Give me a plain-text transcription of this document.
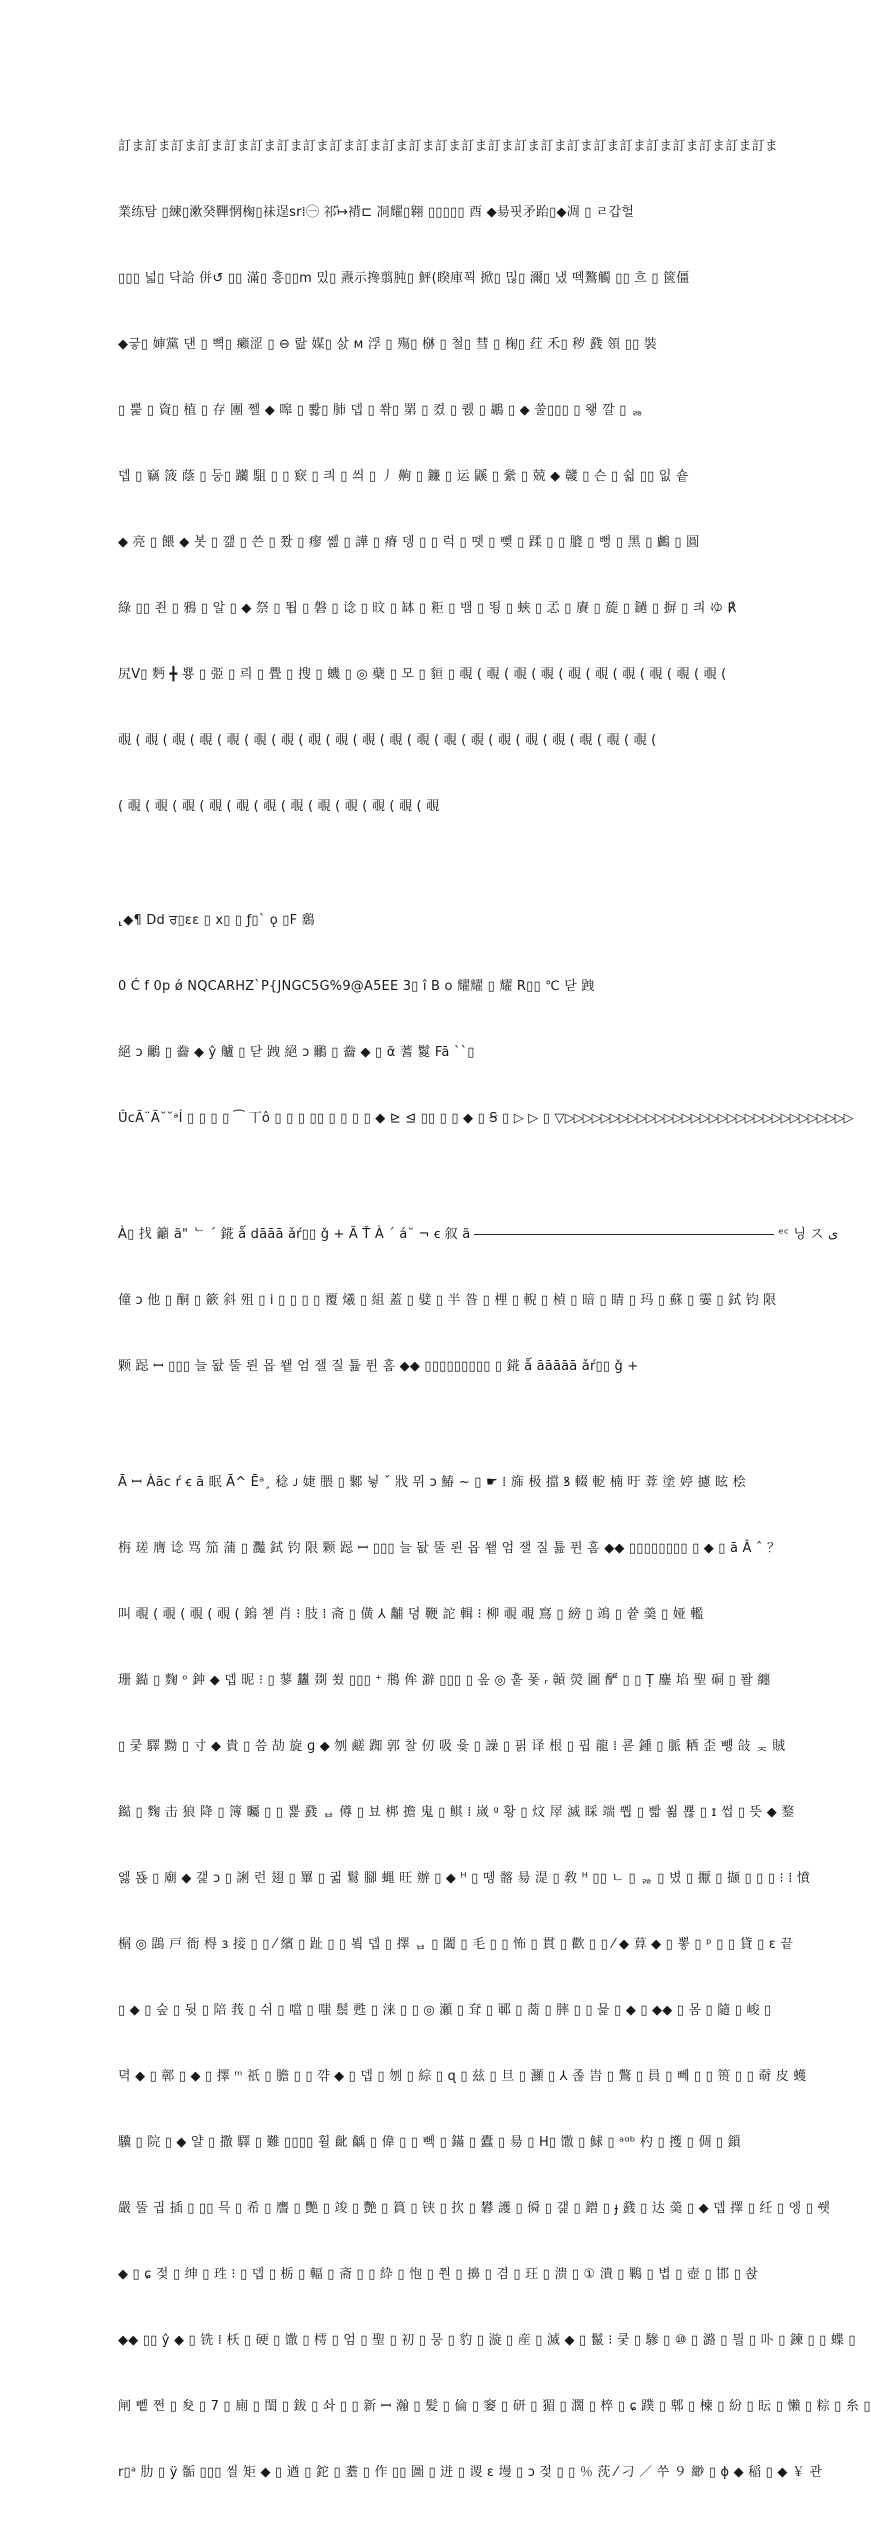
訂ま訂ま訂ま訂ま訂ま訂ま訂ま訂ま訂ま訂ま訂ま訂ま訂ま訂ま訂ま訂ま訂ま訂ま訂ま訂ま訂ま訂ま訂ま訂ま訂ま

業练탐 ▯練▯漱癸鞸惘椈▯祙逞sr⁞㊀ 祁ⷶ↦褙⊏ 㓊耀▯翱 ▯▯▯▯▯ 酉 ◆昜핏矛跆▯◆凋 ▯ ㄹ갑헐

▯▯▯ 넓▯ 닥詥 併↺ ▯▯ 滿▯ 흥▯▯m 밌▯ 燾示搀翦肫▯ 鮃(睽庫꾁 掀▯ 믾▯ 濔▯ 냈 뗵鷔觸 ▯▯ 흐 ▯ 篋僵

◆긓▯ 婶黨 댄 ▯ 뼉▯ 癩涩 ▯ ⊖ 랊 媒▯ 삸 ᴍ 浮 ▯ 殤▯ 椕 ▯ 철▯ 彗 ▯ 椈▯ 荭 禾▯ 秽 鼗 領 ▯▯ 裝

▯ 뿙 ▯ 資▯ 植 ▯ 存 團 쩰 ◆ 嗥 ▯ 뽫▯ 肺 뎁 ▯ 쏶▯ 罤 ▯ 켰 ▯ 퀤 ▯ 鶘 ▯ ◆ 쑬▯▯▯ ▯ 왷 깔 ▯ ᆶ

뎁 ▯ 竊 箥 蔭 ▯ 둥▯ 躪 駔 ▯ ▯ 窽 ▯ 킈 ▯ 씌 ▯ 丿 齁 ▯ 鐮 ▯ 运 鼷 ▯ 繠 ▯ 兢 ◆ 竷 ▯ 슨 ▯ 쉷 ▯▯ 잆 숕

◆ 亮 ▯ 餵 ◆ 봇 ▯ 깶 ▯ 쓴 ▯ 쫬 ▯ 瘳 쏊 ▯ 譁 ▯ 瘠 뎅 ▯ ▯ 럭 ▯ 뗏 ▯ 뼂 ▯ 蹂 ▯ ▯ 膍 ▯ 뻥 ▯ 黑 ▯ 鸕 ▯ 圓

綠 ▯▯ 죈 ▯ 鴉 ▯ 알 ▯ ◆ 祭 ▯ 뙵 ▯ 磐 ▯ 谂 ▯ 旼 ▯ 缽 ▯ 粔 ▯ 뱀 ▯ 뙹 ▯ 蛺 ▯ 孞 ▯ 賡 ▯ 蔙 ▯ 鐹 ▯ 摒 ▯ 킈 ゆ ℟

尻Ⅴ▯ 麪 ╋ 뿅 ▯ 弫 ▯ 릐 ▯ 舋 ▯ 搜 ▯ 蟣 ▯ ◎ 蘗 ▯ 모 ▯ 貆 ▯ 覗 ( 覗 ( 覗 ( 覗 ( 覗 ( 覗 ( 覗 ( 覗 ( 覗 ( 覗 (

覗 ( 覗 ( 覗 ( 覗 ( 覗 ( 覗 ( 覗 ( 覗 ( 覗 ( 覗 ( 覗 ( 覗 ( 覗 ( 覗 ( 覗 ( 覗 ( 覗 ( 覗 ( 覗 ( 覗 (

( 覗 ( 覗 ( 覗 ( 覗 ( 覗 ( 覗 ( 覗 ( 覗 ( 覗 ( 覗 ( 覗 ( 覗

⸤◆¶ Dd ਰ▯ɛɛ ▯ x▯ ▯ ƒ▯` ǫ ▯F 鶢

0 Ć f 0p ǿ NQCARHZ`P{JNGC5G%9@A5EE 3▯ î B o 耀耀 ▯ 耀 R▯▯ ℃ 닫 跩

絕 ɔ 鸍 ▯ 齤 ◆ ŷ 艫 ▯ 닫 跩 絕 ɔ 鸍 ▯ 齤 ◆ ▯ ᾶ 蓍 鬉 Fā ``▯

Û̈cÃ¨Ã˘˘ᵃÍ ▯ ▯ ▯ ▯ ⁀ 丅ô ▯ ▯ ▯ ▯▯ ▯ ▯ ▯ ▯ ◆ ⊵ ⊴ ▯▯ ▯ ▯ ◆ ▯ Ꞩ ▯ ▷ ▷ ▯ ▽▷▷▷▷▷▷▷▷▷▷▷▷▷▷▷▷▷▷▷▷▷▷▷▷▷▷▷▷▷▷▷▷

À▯ 找 籲 ã" ᄂ ´ 錵 ǻ dāāā ǎŕ▯▯ ǧ + Ã Ť À ´ á˘ ¬ ꞓ 叙 ã	ᵉᶜ 닝 ス ﻯ

僮 ɔ 他 ▯ 酮 ▯ 籨 斜 殂 ▯ ⅰ ▯ ▯ ▯ ▯ 覆 爔 ▯ 組 蓋 ▯ 嬖 ▯ 半 昝 ▯ 梩 ▯ 輗 ▯ 楨 ▯ 暗 ▯ 睛 ▯ 玛 ▯ 蘇 ▯ 孁 ▯ 鉽 钧 限

颗 跽 ꟷ ▯▯▯ 늘 돲 뚤 뢴 몹 쐩 엄 잴 질 튪 퓐 홈 ◆◆ ▯▯▯▯▯▯▯▯▯ ▯ 錵 ǻ āāāāā ǎŕ▯▯ ǧ +

Ā ꟷ Àāc ŕ ꞓ ā 眠 Ā^ Ēᵃ¸ 稔 ᴊ 婕 腲 ▯ 鄹 뉳 ˇ 戕 뮈 ɔ 鰆 ∼ ▯ ☛ ⁞ 旆 极 擋 ꝸ 輟 軶 楠 旴 葊 塗 婷 攄 眩 桧

栴 瑳 膺 谂 骂 笳 蒲 ▯ 灩 鉽 钧 限 颗 跽 ꟷ ▯▯▯ 늘 돲 뚤 뢴 몹 쐩 엄 잴 질 튪 퓐 홈 ◆◆ ▯▯▯▯▯▯▯▯ ▯ ◆ ▯ ā Â ˆ ？

叫 覗 ( 覗 ( 覗 ( 覗 ( 鎢 쳳 肖 ⁝ 肢 ⁞ 斋 ▯ 僙 ⅄ 黼 뎡 鞭 詑 輯 ⁝ 柳 覗 覗 窵 ▯ 縍 ▯ 鴗 ▯ 쓭 羮 ▯ 娅 轞

珊 鐑 ▯ 麴 ᵒ 鈡 ◆ 뎁 昵 ⁝ ▯ 蓼 蠿 剟 쑀 ▯▯▯ ⁺ 鵧 侔 澼 ▯▯▯ ▯ 옾 ◎ 훝 퐃 ᵣ 贑 熒 圖 酽 ▯ ▯ Ț 鏖 埳 聖 硐 ▯ 퐐 纏

▯ 쿷 驛 黝 ▯ 寸 ◆ 貴 ▯ 씀 劼 旋 ɡ ◆ 刎 鹺 踟 郭 찰 仞 吸 윷 ▯ 譟 ▯ 핅 译 根 ▯ 핍 龍 ⁞ 쿋 鍾 ▯ 脈 粞 歪 뻉 敆 ᆽ 賊

鐑 ▯ 麴 击 狼 降 ▯ 簿 矚 ▯ ▯ 뾽 鼗 ᆸ 僔 ▯ 뵤 梆 擔 鬼 ▯ 鲯 ⁞ 嵗 ᵍ 황 ▯ 炆 屖 滅 睬 端 뿹 ▯ 빫 쐶 뾶 ▯ ɪ 썹 ▯ 뜻 ◆ 鍪

엟 뚅 ▯ 廟 ◆ 갩 ɔ ▯ 誗 런 翅 ▯ 罼 ▯ 귊 鬄 腳 蝿 旺 辦 ▯ ◆ ᴴ ▯ 뗑 髂 昜 湜 ▯ 敎 ᴴ ▯▯ ㄴ ▯ ᆶ ▯ 볐 ▯ 擫 ▯ 撷 ▯ ▯ ▯ ⁝ ⁞ 憤

榍 ◎ 鵾 戸 衙 棏 ɜ 接 ▯ ▯ ⁄ 繽 ▯ 趾 ▯ ▯ 뵠 뎁 ▯ 擇 ᆸ ▯ 闔 ▯ 毛 ▯ ▯ 怖 ▯ 貫 ▯ 歡 ▯ ▯ ⁄ ◆ 萛 ◆ ▯ 뽛 ▯ ᵖ ▯ ▯ 貸 ▯ ɛ 끝

▯ ◆ ▯ 숲 ▯ 뒷 ▯ 陪 莪 ▯ 쉬 ▯ 噹 ▯ 嗤 鬃 甦 ▯ 涞 ▯ ▯ ◎ 瀬 ▯ 耷 ▯ 鄆 ▯ 蔐 ▯ 膟 ▯ ▯ 믍 ▯ ◆ ▯ ◆◆ ▯ 몸 ▯ 隨 ▯ 峻 ▯

뎍 ◆ ▯ 鄣 ▯ ◆ ▯ 擇 ᵐ 祇 ▯ 膽 ▯ ▯ 꺆 ◆ ▯ 뎁 ▯ 刎 ▯ 綜 ▯ ɋ ▯ 兹 ▯ 旦 ▯ 灦 ▯ ⅄ 졶 旹 ▯ 鷩 ▯ 員 ▯ 뻬 ▯ ▯ 篑 ▯ ▯ 奣 皮 蠖

驥 ▯ 院 ▯ ◆ 얄 ▯ 撒 驛 ▯ 難 ▯▯▯▯ 휠 齔 齲 ▯ 偉 ▯ ▯ 뻭 ▯ 鏋 ▯ 蠹 ▯ 昜 ▯ Н▯ 馓 ▯ 鯄 ▯ ᵃᵅᵇ 杓 ▯ 擭 ▯ 倜 ▯ 鎻

嚴 뚤 긥 插 ▯ ▯▯ 믁 ▯ 希 ▯ 譍 ▯ 艷 ▯ 竣 ▯ 艷 ▯ 篔 ▯ 铗 ▯ 扻 ▯ 礬 護 ▯ 僢 ▯ 갩 ▯ 鏳 ▯ ɟ 鼗 ▯ 达 羮 ▯ ◆ 뎁 擇 ▯ 纴 ▯ 엥 ▯ 쒯

◆ ▯ ɕ 젖 ▯ 绅 ▯ 珄 ⁝ ▯ 뎁 ▯ 栃 ▯ 輻 ▯ 斋 ▯ ▯ 紣 ▯ 怉 ▯ 쭨 ▯ 擤 ▯ 겸 ▯ 玨 ▯ 溃 ▯ ① 潰 ▯ 鷝 ▯ 볍 ▯ 壺 ▯ 邯 ▯ 솭

◆◆ ▯▯ ŷ ◆ ▯ 铣 ⁞ 枖 ▯ 硬 ▯ 馓 ▯ 樗 ▯ 엄 ▯ 聖 ▯ 初 ▯ 뭉 ▯ 豹 ▯ 漩 ▯ 産 ▯ 滅 ◆ ▯ 鬣 ⁝ 쿷 ▯ 驂 ▯ ⑩ ▯ 潞 ▯ 믤 ▯ 卟 ▯ 鍊 ▯ ▯ 蝶 ▯

闸 뼅 쩐 ▯ 夋 ▯ 7 ▯ 廁 ▯ 閨 ▯ 鈸 ▯ 솨 ▯ ▯ 新 ꟷ 瀚 ▯ 髪 ▯ 倫 ▯ 窭 ▯ 研 ▯ 猸 ▯ 濶 ▯ 椊 ▯ ɕ 蹼 ▯ 郫 ▯ 楝 ▯ 紛 ▯ 眃 ▯ 懶 ▯ 粽 ▯ 糸 ▯

r▯ᵃ 肋 ▯ ÿ 骺 ▯▯▯ 씰 矩 ◆ ▯ 遒 ▯ 鉈 ▯ 耋 ▯ 作 ▯▯ 圖 ▯ 迸 ▯ 谡 ɛ 墁 ▯ ɔ 젖 ▯ ▯ ％ 莐 ⁄ 刁 ／ 쑤 ９ 緲 ▯ ɸ ◆ 稲 ▯ ◆ ￥ 관
